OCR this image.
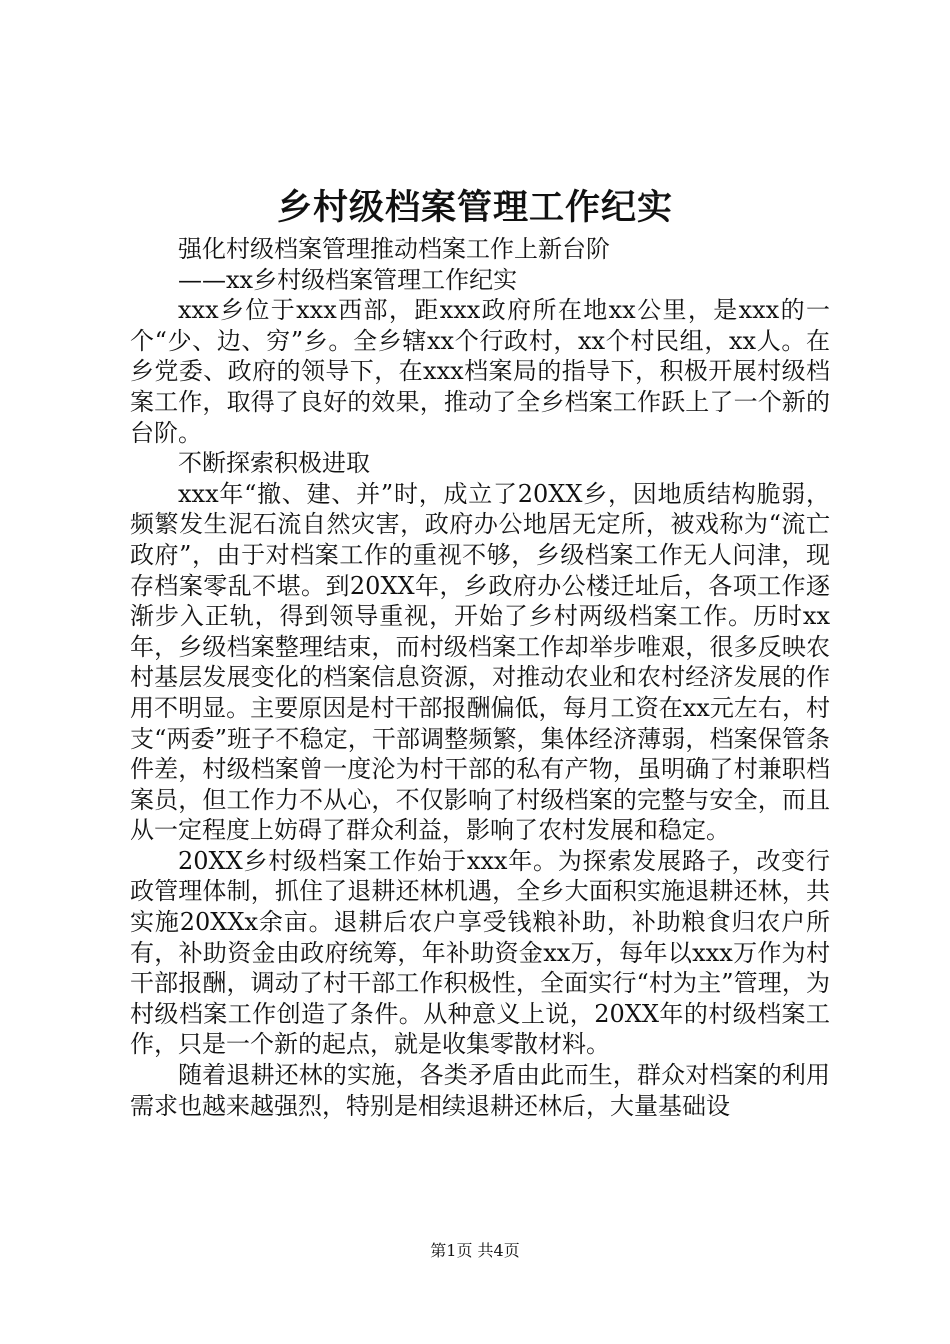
乡村级档案管理工作纪实

强化村级档案管理推动档案工作上新台阶

——xx乡村级档案管理工作纪实

xxx乡位于xxx西部，距xxx政府所在地xx公里，是xxx的一个“少、边、穷”乡。全乡辖xx个行政村，xx个村民组，xx人。在乡党委、政府的领导下，在xxx档案局的指导下，积极开展村级档案工作，取得了良好的效果，推动了全乡档案工作跃上了一个新的台阶。

不断探索积极进取

xxx年“撤、建、并”时，成立了20XX乡，因地质结构脆弱，频繁发生泥石流自然灾害，政府办公地居无定所，被戏称为“流亡政府”，由于对档案工作的重视不够，乡级档案工作无人问津，现存档案零乱不堪。到20XX年，乡政府办公楼迁址后，各项工作逐渐步入正轨，得到领导重视，开始了乡村两级档案工作。历时xx年，乡级档案整理结束，而村级档案工作却举步唯艰，很多反映农村基层发展变化的档案信息资源，对推动农业和农村经济发展的作用不明显。主要原因是村干部报酬偏低，每月工资在xx元左右，村支“两委”班子不稳定，干部调整频繁，集体经济薄弱，档案保管条件差，村级档案曾一度沦为村干部的私有产物，虽明确了村兼职档案员，但工作力不从心，不仅影响了村级档案的完整与安全，而且从一定程度上妨碍了群众利益，影响了农村发展和稳定。

20XX乡村级档案工作始于xxx年。为探索发展路子，改变行政管理体制，抓住了退耕还林机遇，全乡大面积实施退耕还林，共实施20XXx余亩。退耕后农户享受钱粮补助，补助粮食归农户所有，补助资金由政府统筹，年补助资金xx万，每年以xxx万作为村干部报酬，调动了村干部工作积极性，全面实行“村为主”管理，为村级档案工作创造了条件。从种意义上说，20XX年的村级档案工作，只是一个新的起点，就是收集零散材料。

随着退耕还林的实施，各类矛盾由此而生，群众对档案的利用需求也越来越强烈，特别是相续退耕还林后，大量基础设

第1页 共4页
